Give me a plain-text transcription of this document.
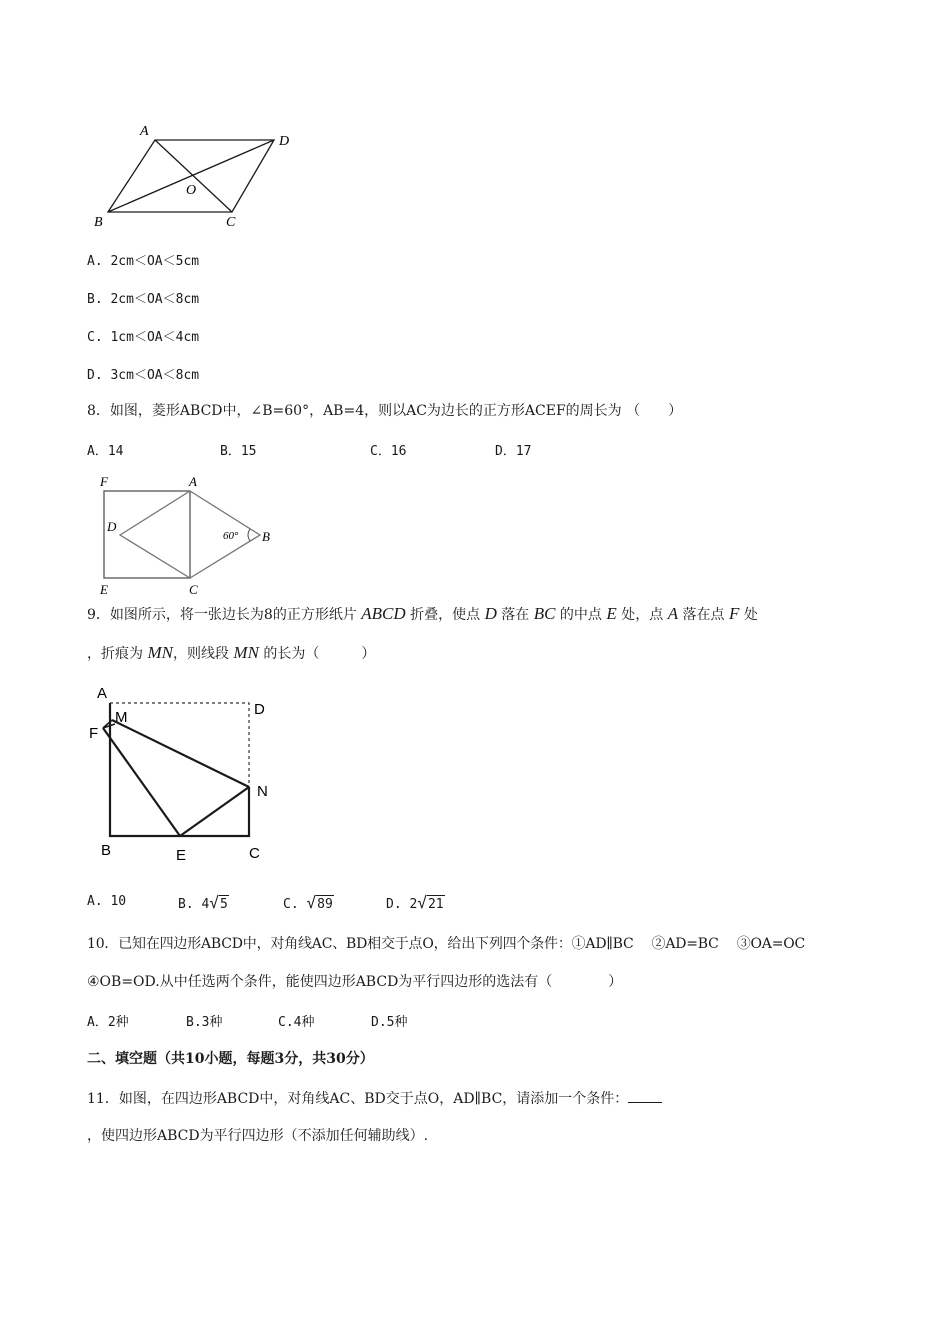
A
D
O
B	C
A. 2cm＜OA＜5cm
B. 2cm＜OA＜8cm
C. 1cm＜OA＜4cm
D. 3cm＜OA＜8cm
8．如图，菱形ABCD中，∠B=60°，AB=4，则以AC为边长的正方形ACEF的周长为 （　　）
A．14	B．15	C．16	D．17
F	A
D
60° B
E	C
9．如图所示，将一张边长为8的正方形纸片 ABCD 折叠，使点 D 落在 BC 的中点 E 处，点 A 落在点 F 处
，折痕为 MN，则线段 MN 的长为（　　　）
A
M	D
F
N
B	E	C
A. 10	B. 4√5	C. √89	D. 2√21
10．已知在四边形ABCD中，对角线AC、BD相交于点O，给出下列四个条件：①AD∥BC　 ②AD=BC　 ③OA=OC
④OB=OD.从中任选两个条件，能使四边形ABCD为平行四边形的选法有（　　　　）
A．2种	B.3种	C.4种	D.5种
二、填空题（共10小题，每题3分，共30分）
11．如图，在四边形ABCD中，对角线AC、BD交于点O，AD∥BC，请添加一个条件：
，使四边形ABCD为平行四边形（不添加任何辅助线）.
